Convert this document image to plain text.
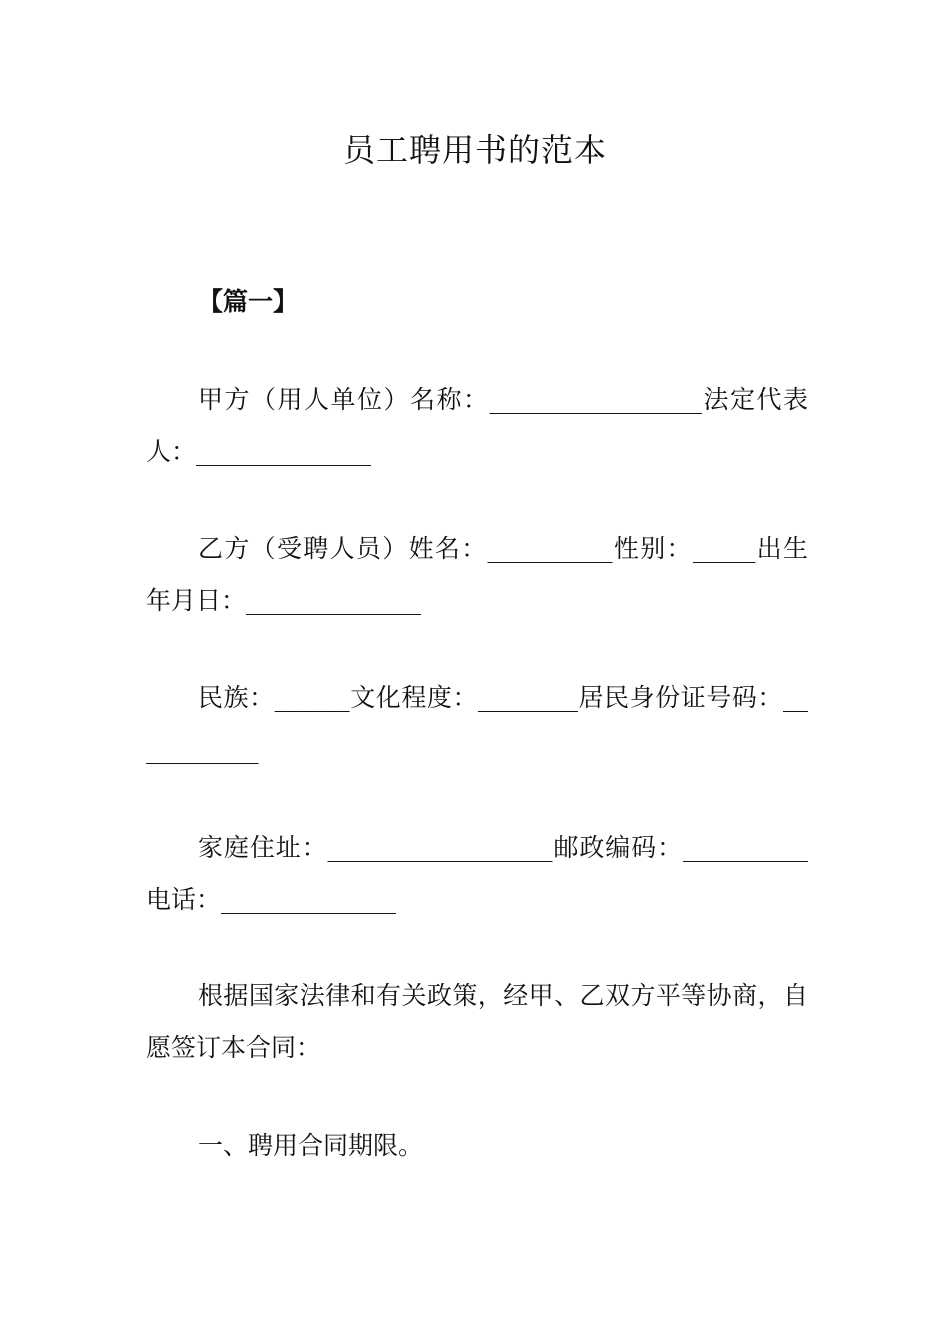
员工聘用书的范本
【篇一】
甲方（用人单位）名称：_________________法定代表人：______________
乙方（受聘人员）姓名：__________性别：_____出生年月日：______________
民族：______文化程度：________居民身份证号码：___________
家庭住址：__________________邮政编码：__________电话：______________
根据国家法律和有关政策，经甲、乙双方平等协商，自愿签订本合同：
一、聘用合同期限。
